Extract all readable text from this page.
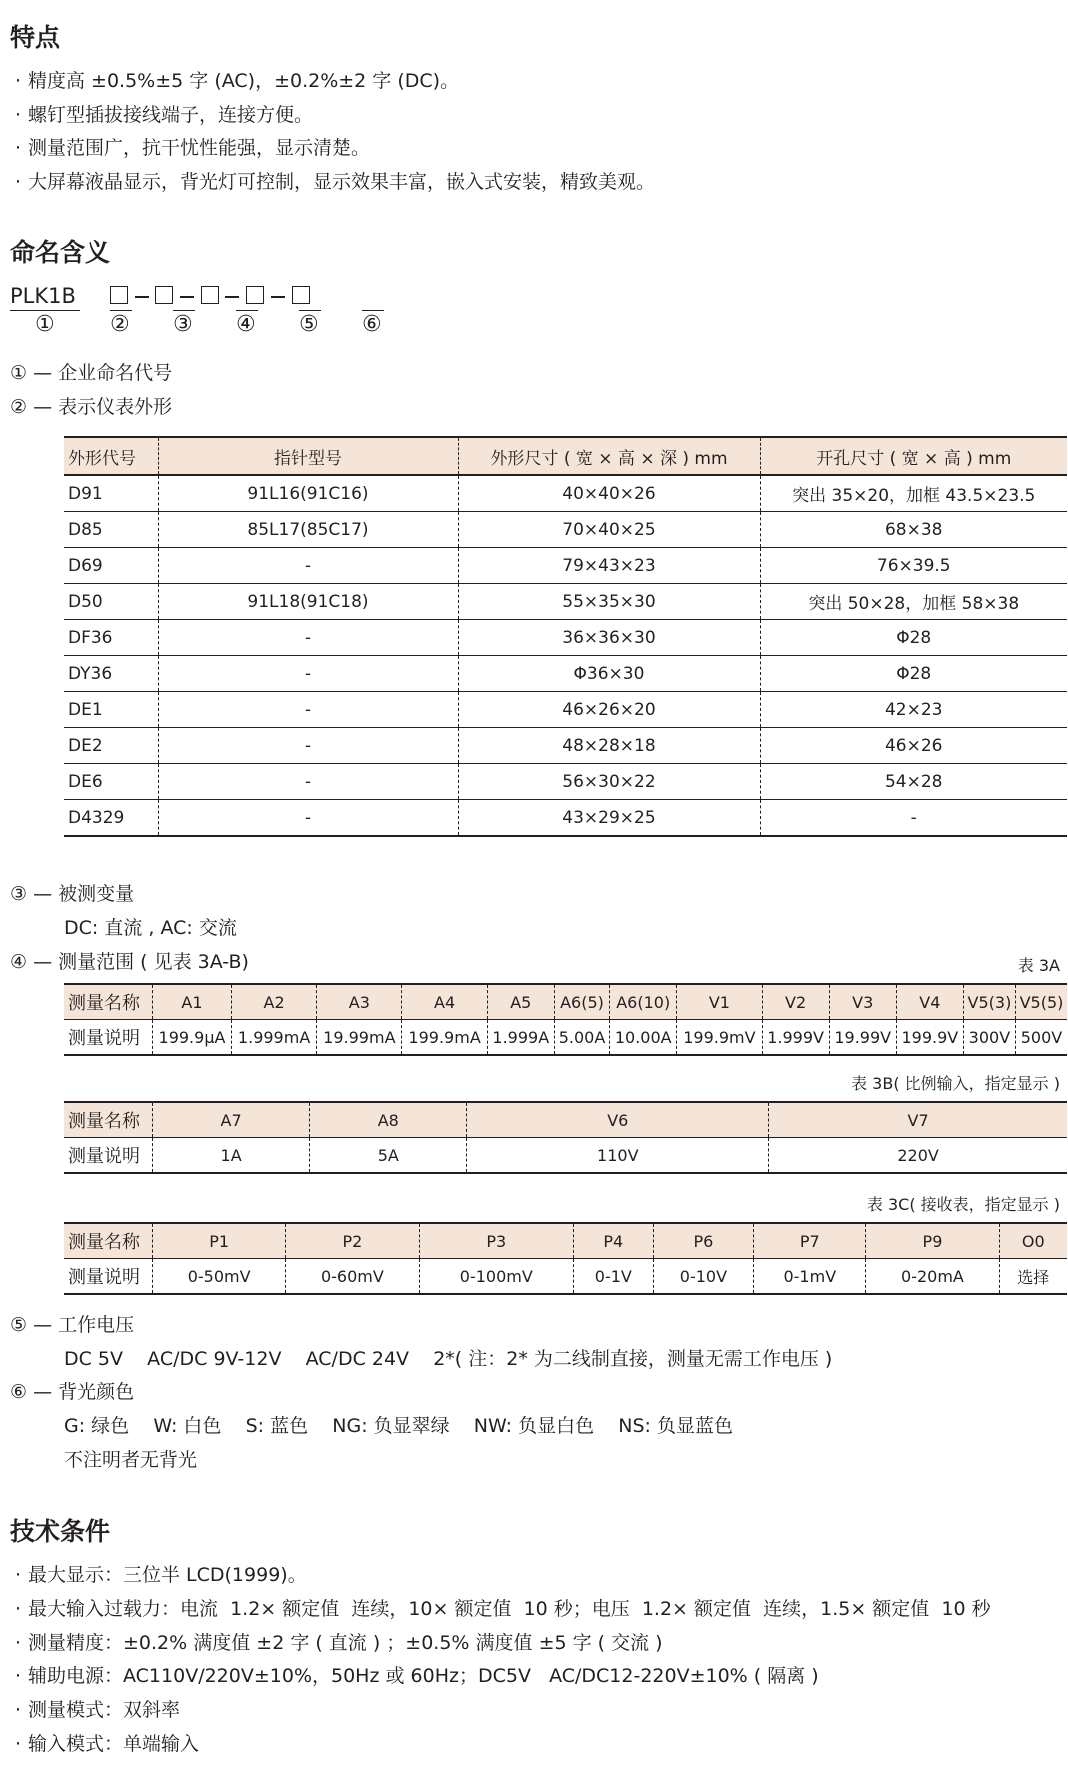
特点
· 精度高 ±0.5%±5 字 (AC)，±0.2%±2 字 (DC)。
· 螺钉型插拔接线端子，连接方便。
· 测量范围广，抗干忧性能强，显示清楚。
· 大屏幕液晶显示，背光灯可控制，显示效果丰富，嵌入式安装，精致美观。
命名含义
PLK1B

①	② ③ ④ ⑤ ⑥
① — 企业命名代号
② — 表示仪表外形
外形代号	指针型号	外形尺寸 ( 宽 × 高 × 深 ) mm	开孔尺寸 ( 宽 × 高 ) mm
D91	91L16(91C16)	40×40×26	突出 35×20，加框 43.5×23.5
D85	85L17(85C17)	70×40×25	68×38
D69	-	79×43×23	76×39.5
D50	91L18(91C18)	55×35×30	突出 50×28，加框 58×38
DF36	-	36×36×30	Φ28
DY36	-	Φ36×30	Φ28
DE1	-	46×26×20	42×23
DE2	-	48×28×18	46×26
DE6	-	56×30×22	54×28
D4329	-	43×29×25	-
③ — 被测变量
DC: 直流 , AC: 交流
④ — 测量范围 ( 见表 3A-B)	表 3A
测量名称	A1	A2	A3	A4	A5	A6(5)	A6(10)	V1	V2	V3	V4	V5(3)	V5(5)
测量说明	199.9μA	1.999mA	19.99mA	199.9mA	1.999A	5.00A	10.00A	199.9mV	1.999V	19.99V	199.9V	300V	500V
表 3B( 比例输入，指定显示 )
测量名称	A7	A8	V6	V7
测量说明	1A	5A	110V	220V
表 3C( 接收表，指定显示 )
测量名称	P1	P2	P3	P4	P6	P7	P9	O0
测量说明	0-50mV	0-60mV	0-100mV	0-1V	0-10V	0-1mV	0-20mA	选择
⑤ — 工作电压
DC 5V    AC/DC 9V-12V    AC/DC 24V    2*( 注：2* 为二线制直接，测量无需工作电压 )
⑥ — 背光颜色
G: 绿色    W: 白色    S: 蓝色    NG: 负显翠绿    NW: 负显白色    NS: 负显蓝色
不注明者无背光
技术条件
· 最大显示：三位半 LCD(1999)。
· 最大输入过载力：电流  1.2× 额定值  连续，10× 额定值  10 秒；电压  1.2× 额定值  连续，1.5× 额定值  10 秒
· 测量精度：±0.2% 满度值 ±2 字 ( 直流 ) ；±0.5% 满度值 ±5 字 ( 交流 )
· 辅助电源：AC110V/220V±10%，50Hz 或 60Hz；DC5V   AC/DC12-220V±10% ( 隔离 )
· 测量模式：双斜率
· 输入模式：单端输入
